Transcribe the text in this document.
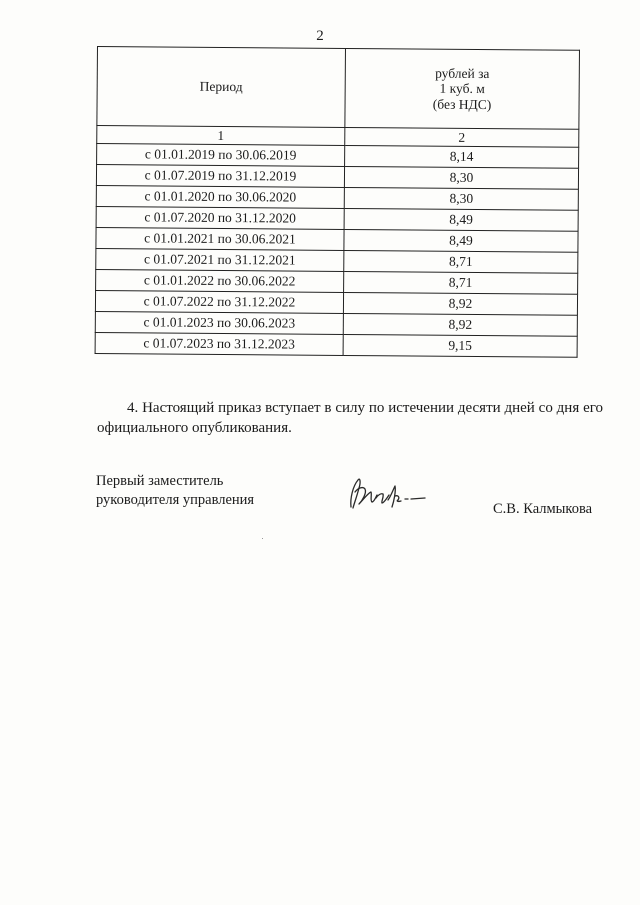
2
Период	рублей за
1 куб. м
(без НДС)
1	2
с 01.01.2019 по 30.06.2019	8,14
с 01.07.2019 по 31.12.2019	8,30
с 01.01.2020 по 30.06.2020	8,30
с 01.07.2020 по 31.12.2020	8,49
с 01.01.2021 по 30.06.2021	8,49
с 01.07.2021 по 31.12.2021	8,71
с 01.01.2022 по 30.06.2022	8,71
с 01.07.2022 по 31.12.2022	8,92
с 01.01.2023 по 30.06.2023	8,92
с 01.07.2023 по 31.12.2023	9,15

4. Настоящий приказ вступает в силу по истечении десяти дней со дня его официального опубликования.

Первый заместитель
руководителя управления
С.В. Калмыкова
